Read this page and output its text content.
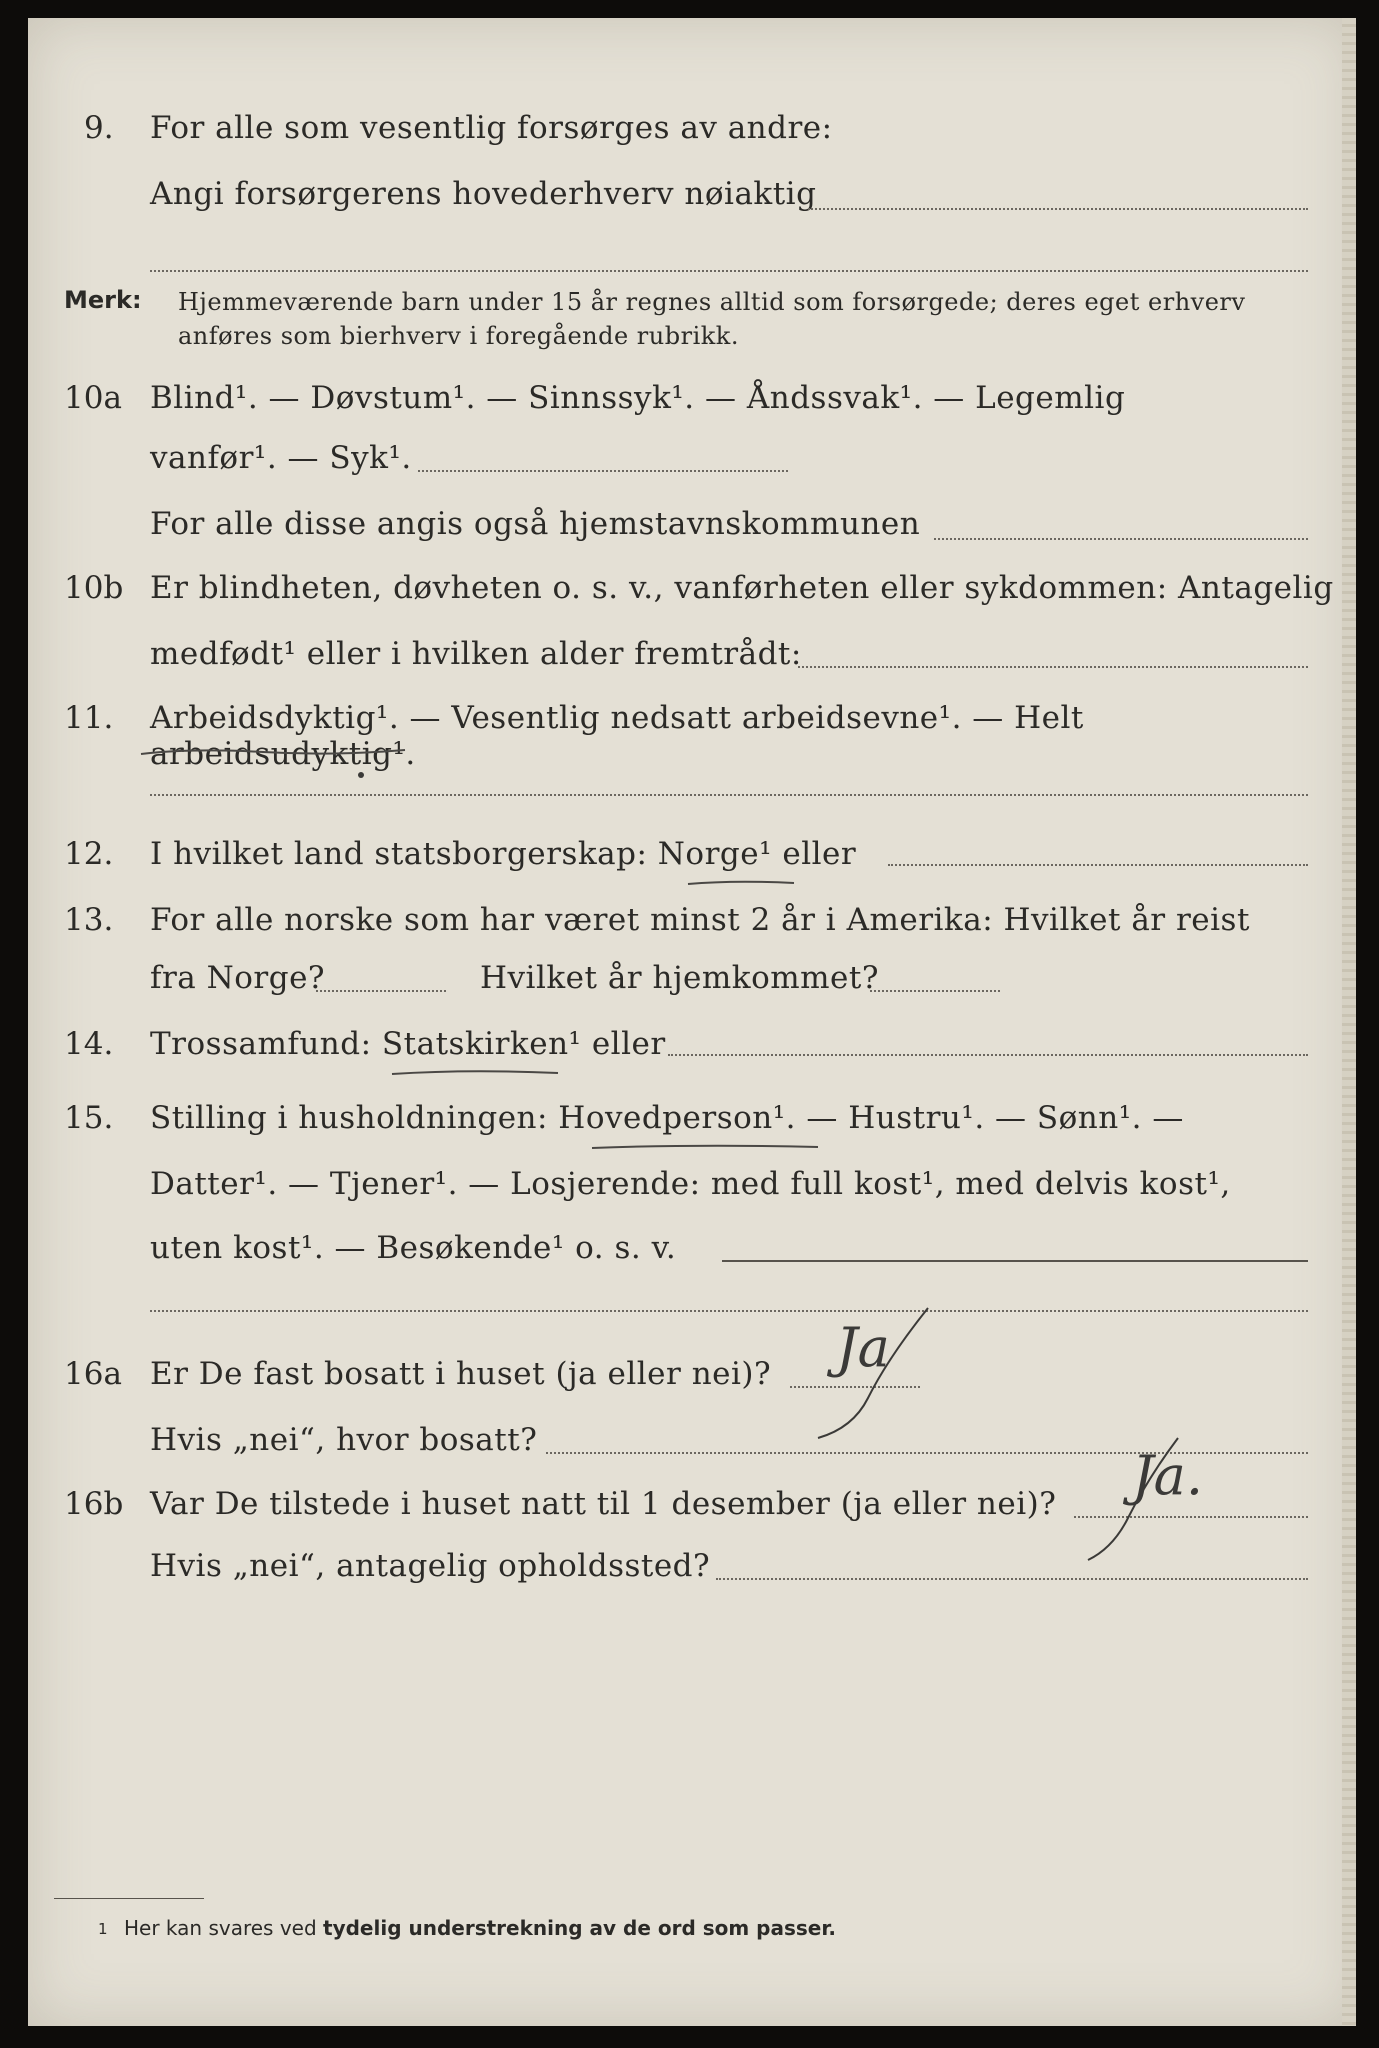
9. For alle som vesentlig forsørges av andre:
Angi forsørgerens hovederhverv nøiaktig
Merk: Hjemmeværende barn under 15 år regnes alltid som forsørgede; deres eget erhverv
anføres som bierhverv i foregående rubrikk.
10a Blind¹. — Døvstum¹. — Sinnssyk¹. — Åndssvak¹. — Legemlig
vanfør¹. — Syk¹.
For alle disse angis også hjemstavnskommunen
10b Er blindheten, døvheten o. s. v., vanførheten eller sykdommen: Antagelig
medfødt¹ eller i hvilken alder fremtrådt:
11. Arbeidsdyktig¹. — Vesentlig nedsatt arbeidsevne¹. — Helt arbeidsudyktig¹.
12. I hvilket land statsborgerskap: Norge¹ eller
13. For alle norske som har været minst 2 år i Amerika: Hvilket år reist
fra Norge?	Hvilket år hjemkommet?
14. Trossamfund: Statskirken¹ eller
15. Stilling i husholdningen: Hovedperson¹. — Hustru¹. — Sønn¹. —
Datter¹. — Tjener¹. — Losjerende: med full kost¹, med delvis kost¹,
uten kost¹. — Besøkende¹ o. s. v.
16a Er De fast bosatt i huset (ja eller nei)? Ja
Hvis „nei“, hvor bosatt?
16b Var De tilstede i huset natt til 1 desember (ja eller nei)? Ja.
Hvis „nei“, antagelig opholdssted?
1 Her kan svares ved tydelig understrekning av de ord som passer.
